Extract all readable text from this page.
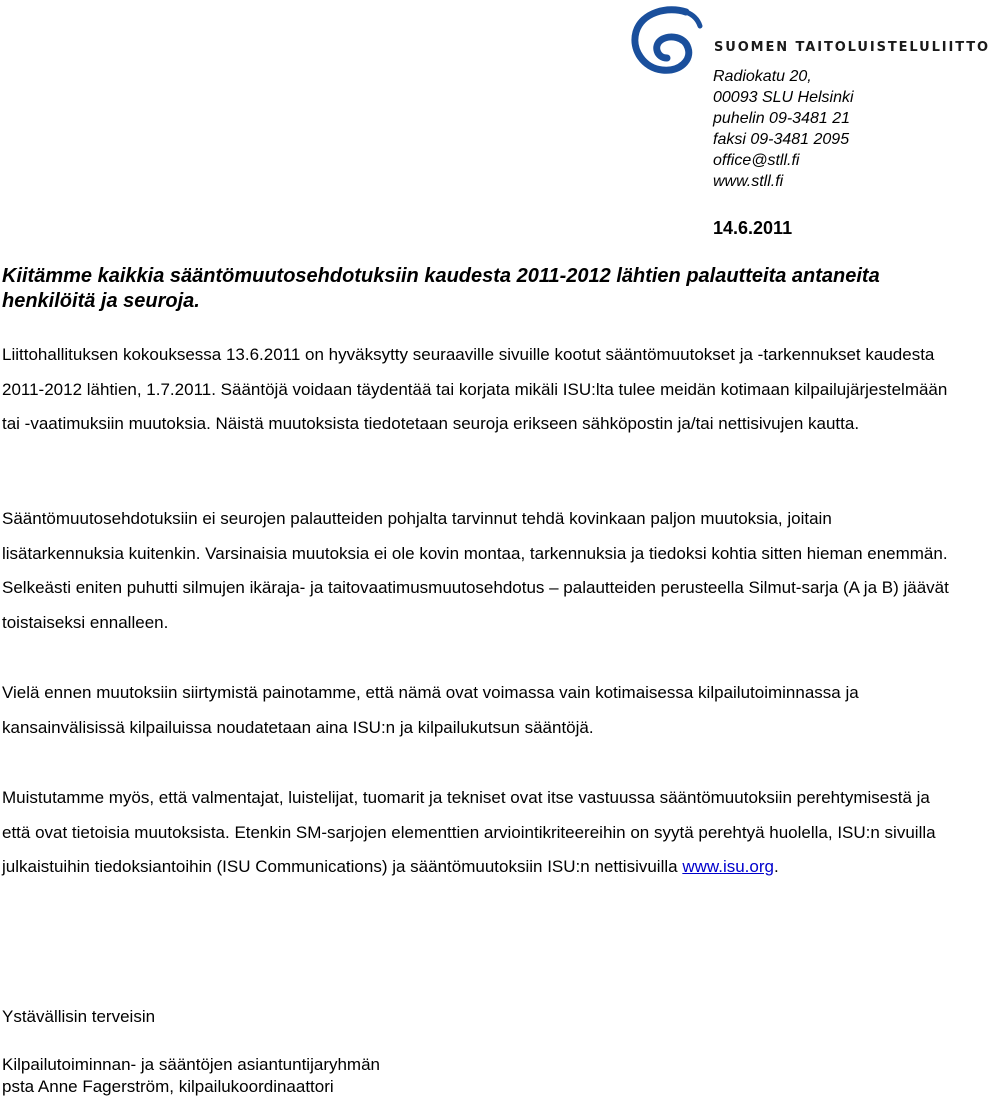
SUOMEN TAITOLUISTELULIITTO
Radiokatu 20,
00093 SLU Helsinki
puhelin 09-3481 21
faksi 09-3481 2095
office@stll.fi
www.stll.fi
14.6.2011
Kiitämme kaikkia sääntömuutosehdotuksiin kaudesta 2011-2012 lähtien palautteita antaneita henkilöitä ja seuroja.
Liittohallituksen kokouksessa 13.6.2011 on hyväksytty seuraaville sivuille kootut sääntömuutokset ja -tarkennukset kaudesta 2011-2012 lähtien, 1.7.2011. Sääntöjä voidaan täydentää tai korjata mikäli ISU:lta tulee meidän kotimaan kilpailujärjestelmään tai -vaatimuksiin muutoksia. Näistä muutoksista tiedotetaan seuroja erikseen sähköpostin ja/tai nettisivujen kautta.
Sääntömuutosehdotuksiin ei seurojen palautteiden pohjalta tarvinnut tehdä kovinkaan paljon muutoksia, joitain lisätarkennuksia kuitenkin. Varsinaisia muutoksia ei ole kovin montaa, tarkennuksia ja tiedoksi kohtia sitten hieman enemmän. Selkeästi eniten puhutti silmujen ikäraja- ja taitovaatimusmuutosehdotus – palautteiden perusteella Silmut-sarja (A ja B) jäävät toistaiseksi ennalleen.
Vielä ennen muutoksiin siirtymistä painotamme, että nämä ovat voimassa vain kotimaisessa kilpailutoiminnassa ja kansainvälisissä kilpailuissa noudatetaan aina ISU:n ja kilpailukutsun sääntöjä.
Muistutamme myös, että valmentajat, luistelijat, tuomarit ja tekniset ovat itse vastuussa sääntömuutoksiin perehtymisestä ja että ovat tietoisia muutoksista. Etenkin SM-sarjojen elementtien arviointikriteereihin on syytä perehtyä huolella, ISU:n sivuilla julkaistuihin tiedoksiantoihin (ISU Communications) ja sääntömuutoksiin ISU:n nettisivuilla www.isu.org.
Ystävällisin terveisin
Kilpailutoiminnan- ja sääntöjen asiantuntijaryhmän
psta Anne Fagerström, kilpailukoordinaattori
